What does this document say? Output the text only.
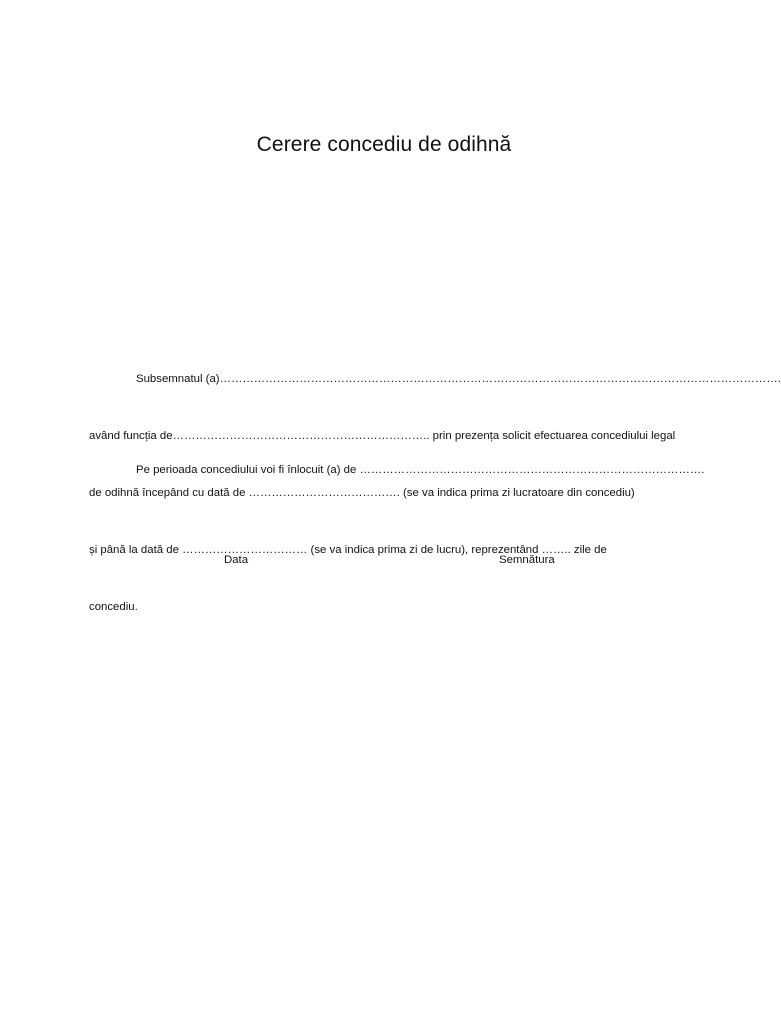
Cerere concediu de odihnă

Subsemnatul (a)………………………………………………………………………………………………………………………………….

având funcția de………………………………………………………….. prin prezența solicit efectuarea concediului legal

de odihnă începând cu dată de …………………………………. (se va indica prima zi lucratoare din concediu)

și până la dată de …………………………… (se va indica prima zi de lucru), reprezentând …….. zile de

concediu.

Pe perioada concediului voi fi înlocuit (a) de ……………………………………………………………………………….

Data	Semnătura
